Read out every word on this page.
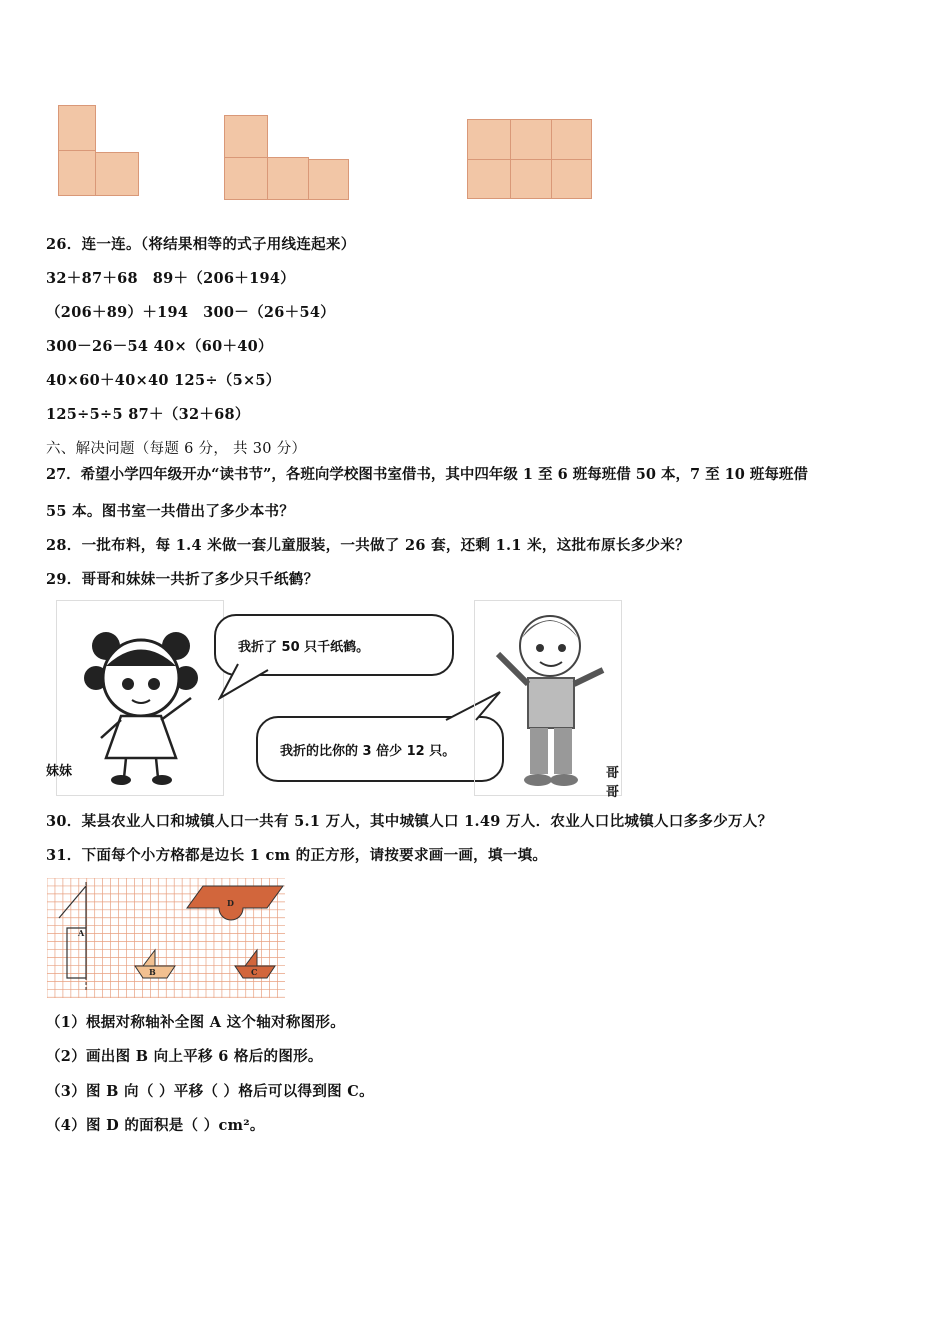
26．连一连。（将结果相等的式子用线连起来）
32＋87＋68　89＋（206＋194）
（206＋89）＋194　300－（26＋54）
300－26－54 40×（60＋40）
40×60＋40×40 125÷（5×5）
125÷5÷5 87＋（32＋68）
六、解决问题（每题 6 分， 共 30 分）
27．希望小学四年级开办“读书节”，各班向学校图书室借书，其中四年级 1 至 6 班每班借 50 本，7 至 10 班每班借
55 本。图书室一共借出了多少本书？
28．一批布料，每 1.4 米做一套儿童服装，一共做了 26 套，还剩 1.1 米，这批布原长多少米？
29．哥哥和妹妹一共折了多少只千纸鹤？
妹妹
我折了 50 只千纸鹤。
我折的比你的 3 倍少 12 只。
哥哥
30．某县农业人口和城镇人口一共有 5.1 万人，其中城镇人口 1.49 万人．农业人口比城镇人口多多少万人？
31．下面每个小方格都是边长 1 cm 的正方形，请按要求画一画，填一填。
A
B	C
D
（1）根据对称轴补全图 A 这个轴对称图形。
（2）画出图 B 向上平移 6 格后的图形。
（3）图 B 向（ ）平移（ ）格后可以得到图 C。
（4）图 D 的面积是（ ）cm²。
